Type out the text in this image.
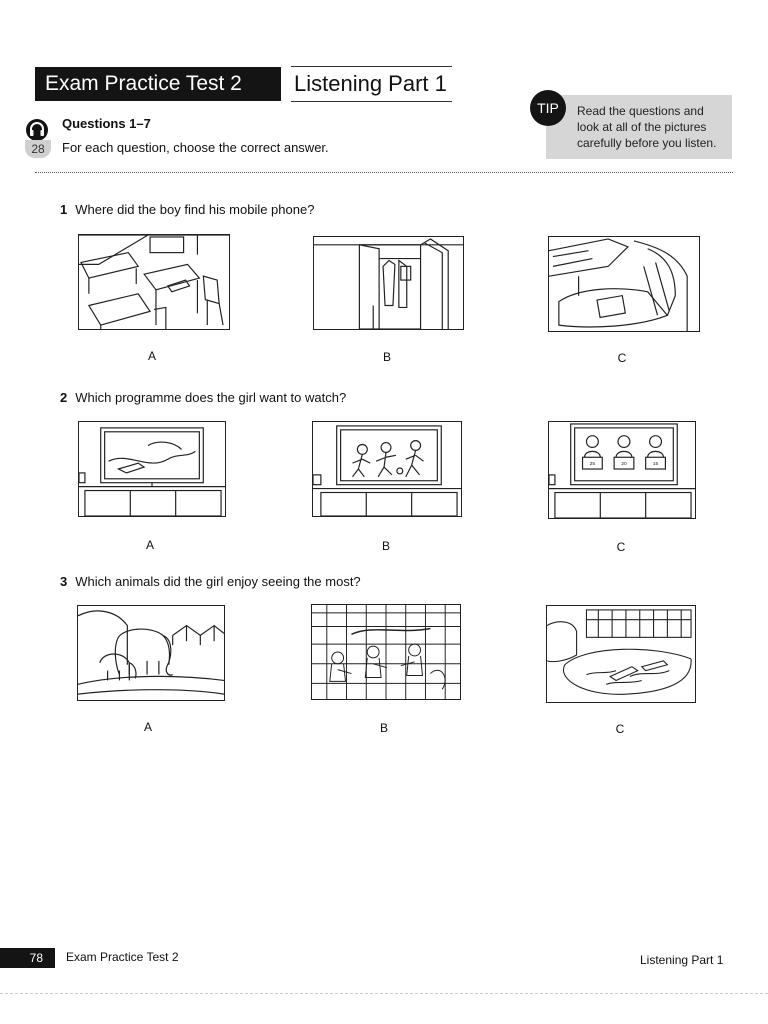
Exam Practice Test 2	Listening Part 1
28
Questions 1–7
For each question, choose the correct answer.
Read the questions and look at all of the pictures carefully before you listen.
TIP
1 Where did the boy find his mobile phone?
A	B	C
2 Which programme does the girl want to watch?
25	20	15
A	B	C
3 Which animals did the girl enjoy seeing the most?
A	B	C
78	Exam Practice Test 2	Listening Part 1
